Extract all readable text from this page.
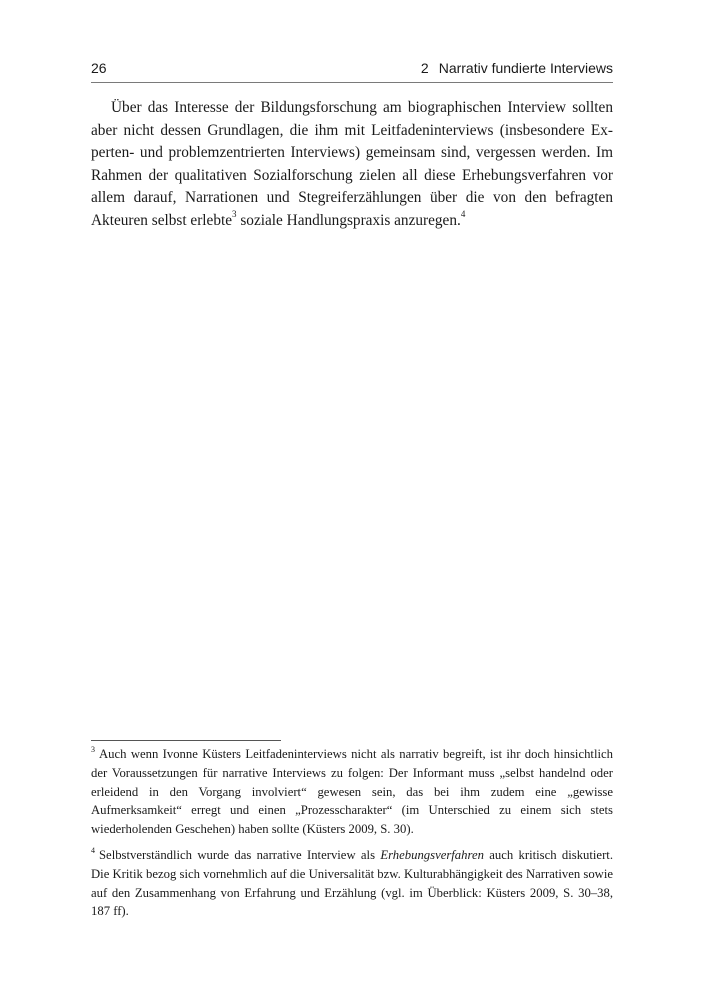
26	2 Narrativ fundierte Interviews

Über das Interesse der Bildungsforschung am biographischen Interview sollten aber nicht dessen Grundlagen, die ihm mit Leitfadeninterviews (insbesondere Experten- und problemzentrierten Interviews) gemeinsam sind, vergessen werden. Im Rahmen der qualitativen Sozialforschung zielen all diese Erhebungsverfahren vor allem darauf, Narrationen und Stegreiferzählungen über die von den befragten Akteuren selbst erlebte$^3$ soziale Handlungspraxis anzuregen.$^4$

$^3$ Auch wenn Ivonne Küsters Leitfadeninterviews nicht als narrativ begreift, ist ihr doch hinsichtlich der Voraussetzungen für narrative Interviews zu folgen: Der Informant muss „selbst handelnd oder erleidend in den Vorgang involviert“ gewesen sein, das bei ihm zudem eine „gewisse Aufmerksamkeit“ erregt und einen „Prozesscharakter“ (im Unterschied zu einem sich stets wiederholenden Geschehen) haben sollte (Küsters 2009, S. 30).

$^4$ Selbstverständlich wurde das narrative Interview als Erhebungsverfahren auch kritisch diskutiert. Die Kritik bezog sich vornehmlich auf die Universalität bzw. Kulturabhängigkeit des Narrativen sowie auf den Zusammenhang von Erfahrung und Erzählung (vgl. im Überblick: Küsters 2009, S. 30–38, 187 ff).
